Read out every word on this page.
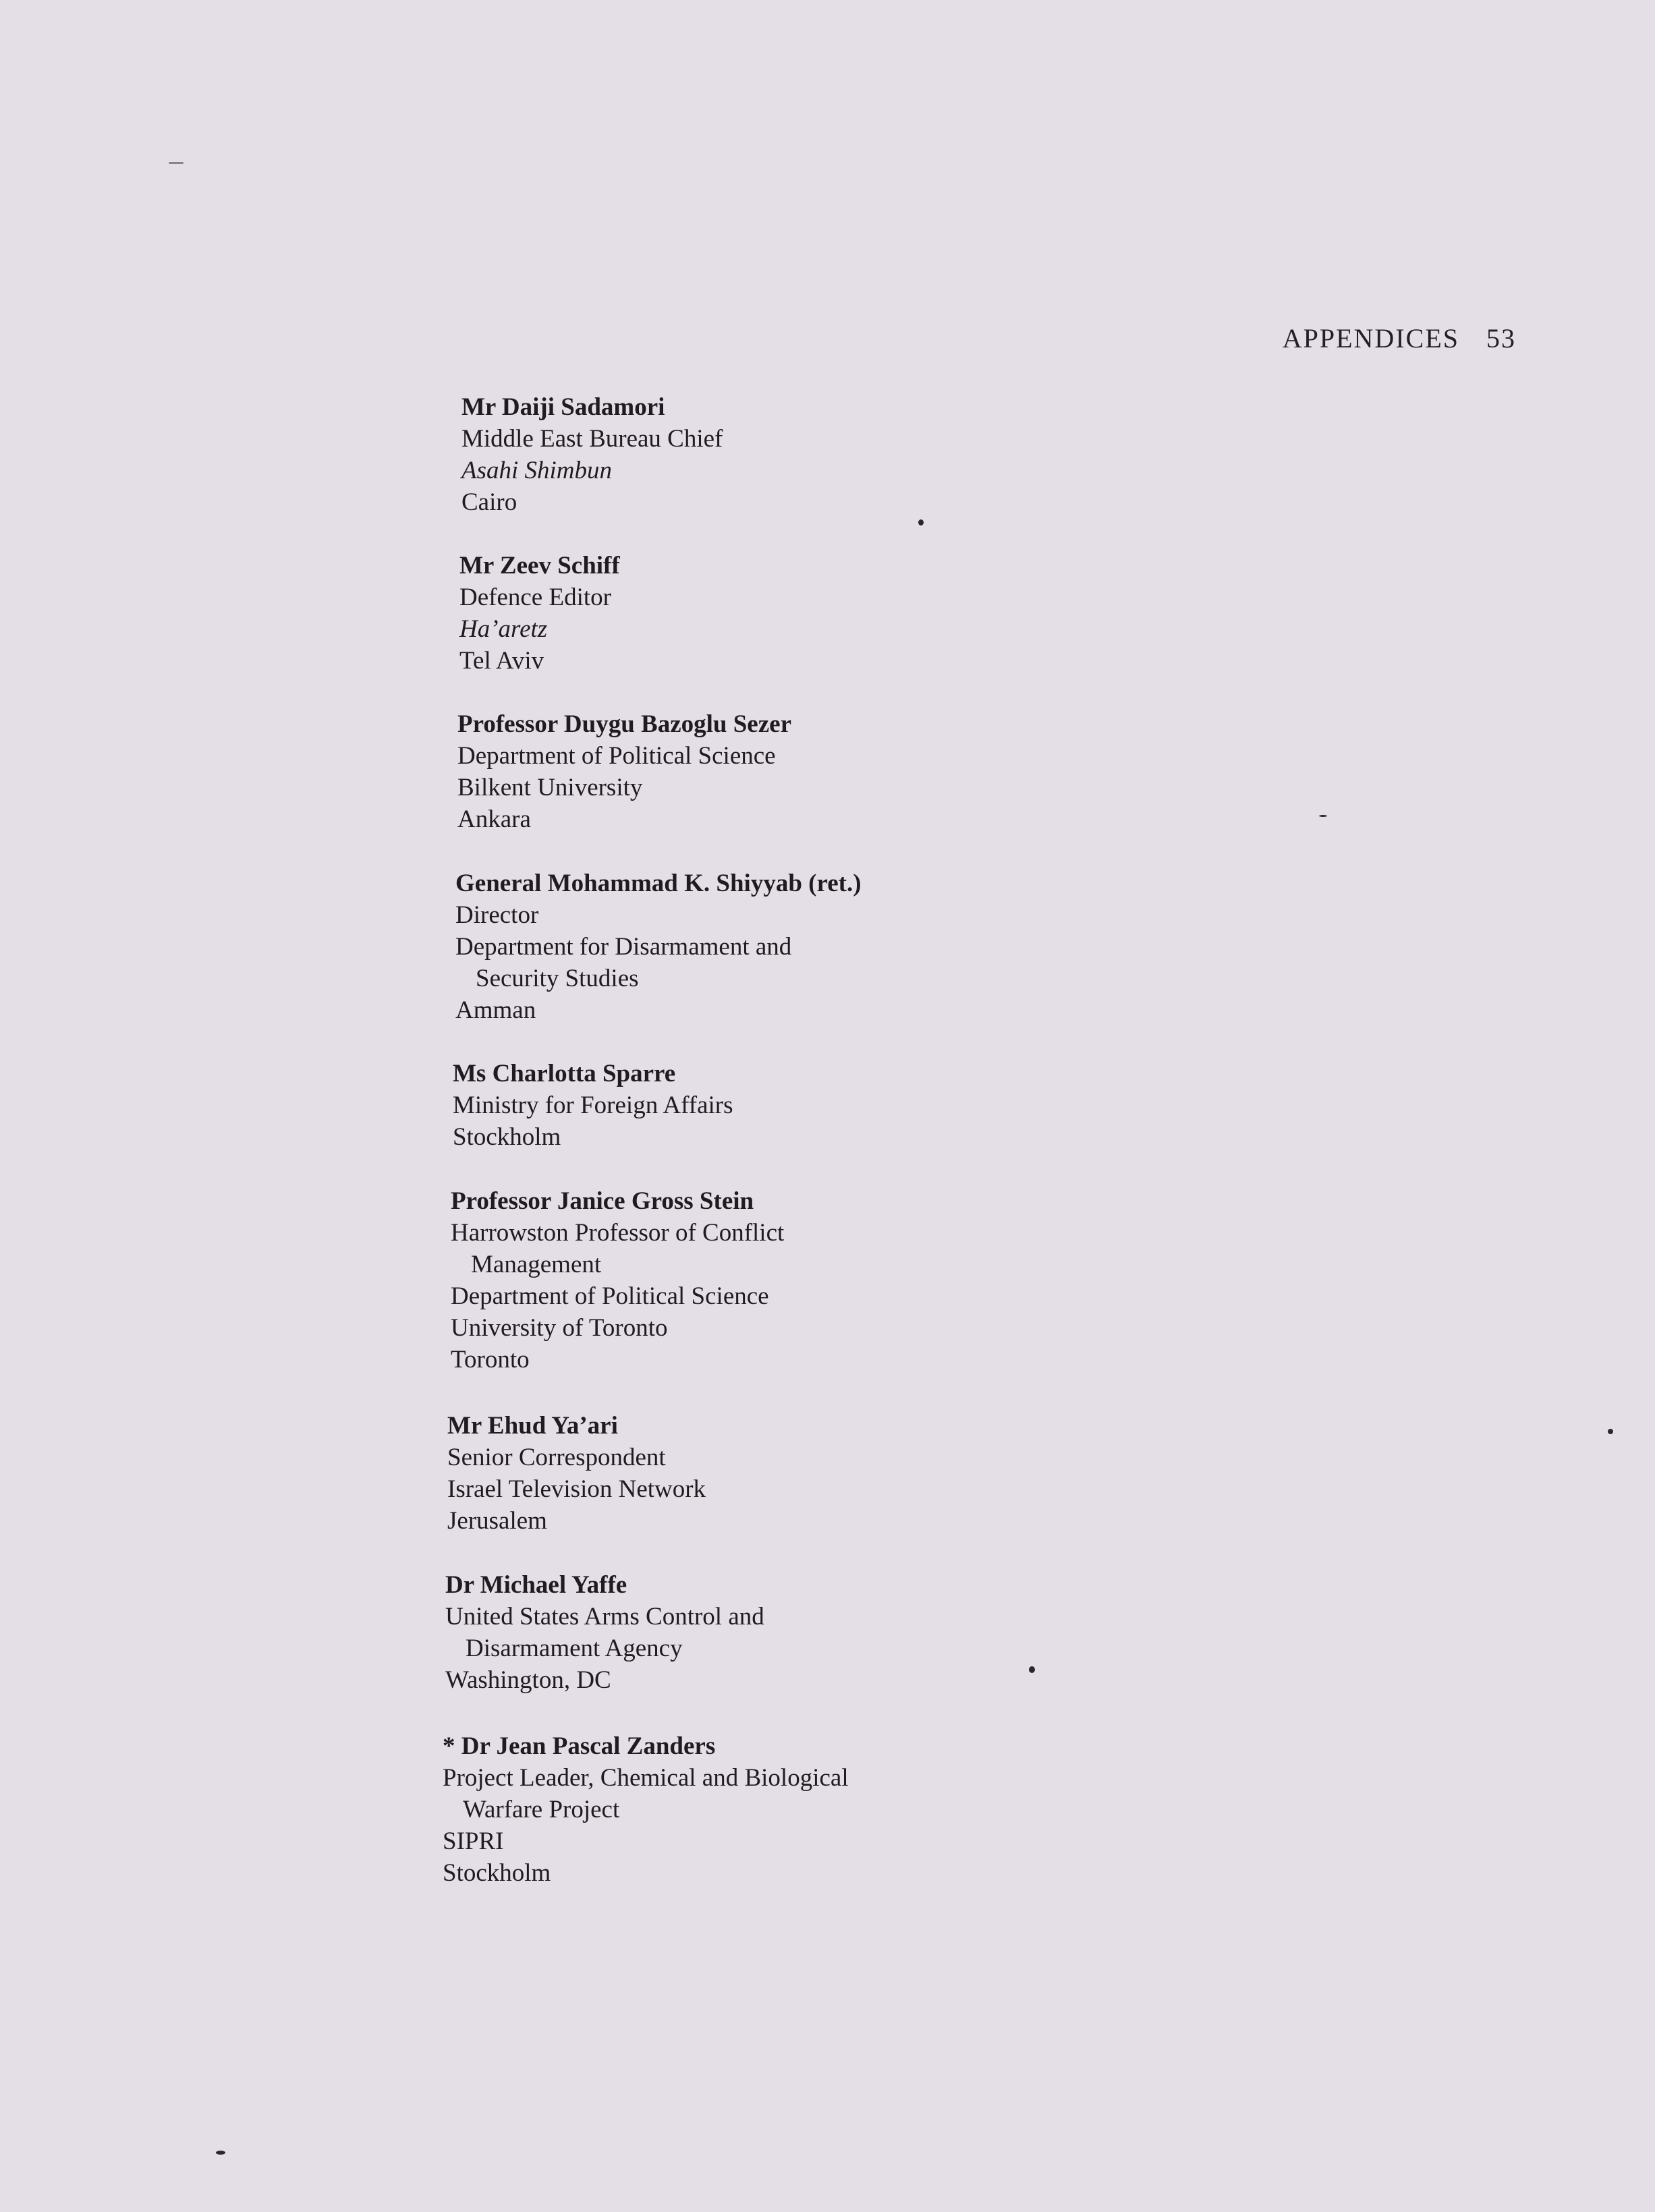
APPENDICES 53
Mr Daiji Sadamori
Middle East Bureau Chief
Asahi Shimbun
Cairo
Mr Zeev Schiff
Defence Editor
Ha’aretz
Tel Aviv
Professor Duygu Bazoglu Sezer
Department of Political Science
Bilkent University
Ankara
General Mohammad K. Shiyyab (ret.)
Director
Department for Disarmament and
Security Studies
Amman
Ms Charlotta Sparre
Ministry for Foreign Affairs
Stockholm
Professor Janice Gross Stein
Harrowston Professor of Conflict
Management
Department of Political Science
University of Toronto
Toronto
Mr Ehud Ya’ari
Senior Correspondent
Israel Television Network
Jerusalem
Dr Michael Yaffe
United States Arms Control and
Disarmament Agency
Washington, DC
* Dr Jean Pascal Zanders
Project Leader, Chemical and Biological
Warfare Project
SIPRI
Stockholm
